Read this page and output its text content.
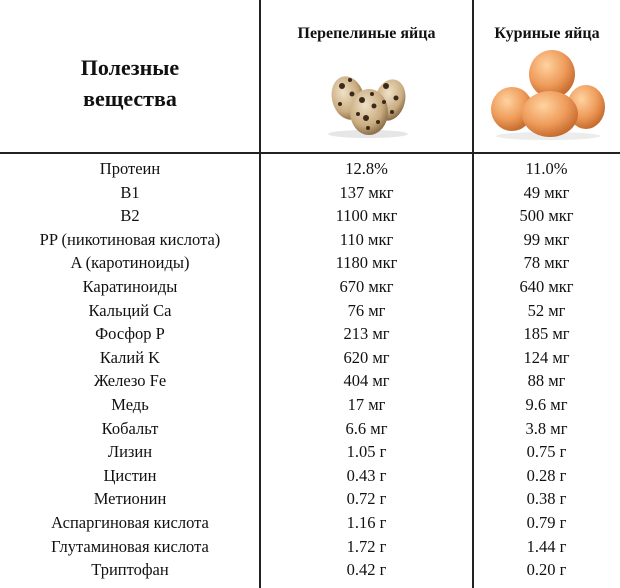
Полезные
вещества
Перепелиные яйца	Куриные яйца
Протеин	12.8%	11.0%
B1	137 мкг	49 мкг
B2	1100 мкг	500 мкг
PP (никотиновая кислота)	110 мкг	99 мкг
A (каротиноиды)	1180 мкг	78 мкг
Каратиноиды	670 мкг	640 мкг
Кальций Ca	76 мг	52 мг
Фосфор P	213 мг	185 мг
Калий K	620 мг	124 мг
Железо Fe	404 мг	88 мг
Медь	17 мг	9.6 мг
Кобальт	6.6 мг	3.8 мг
Лизин	1.05 г	0.75 г
Цистин	0.43 г	0.28 г
Метионин	0.72 г	0.38 г
Аспаргиновая кислота	1.16 г	0.79 г
Глутаминовая кислота	1.72 г	1.44 г
Триптофан	0.42 г	0.20 г
